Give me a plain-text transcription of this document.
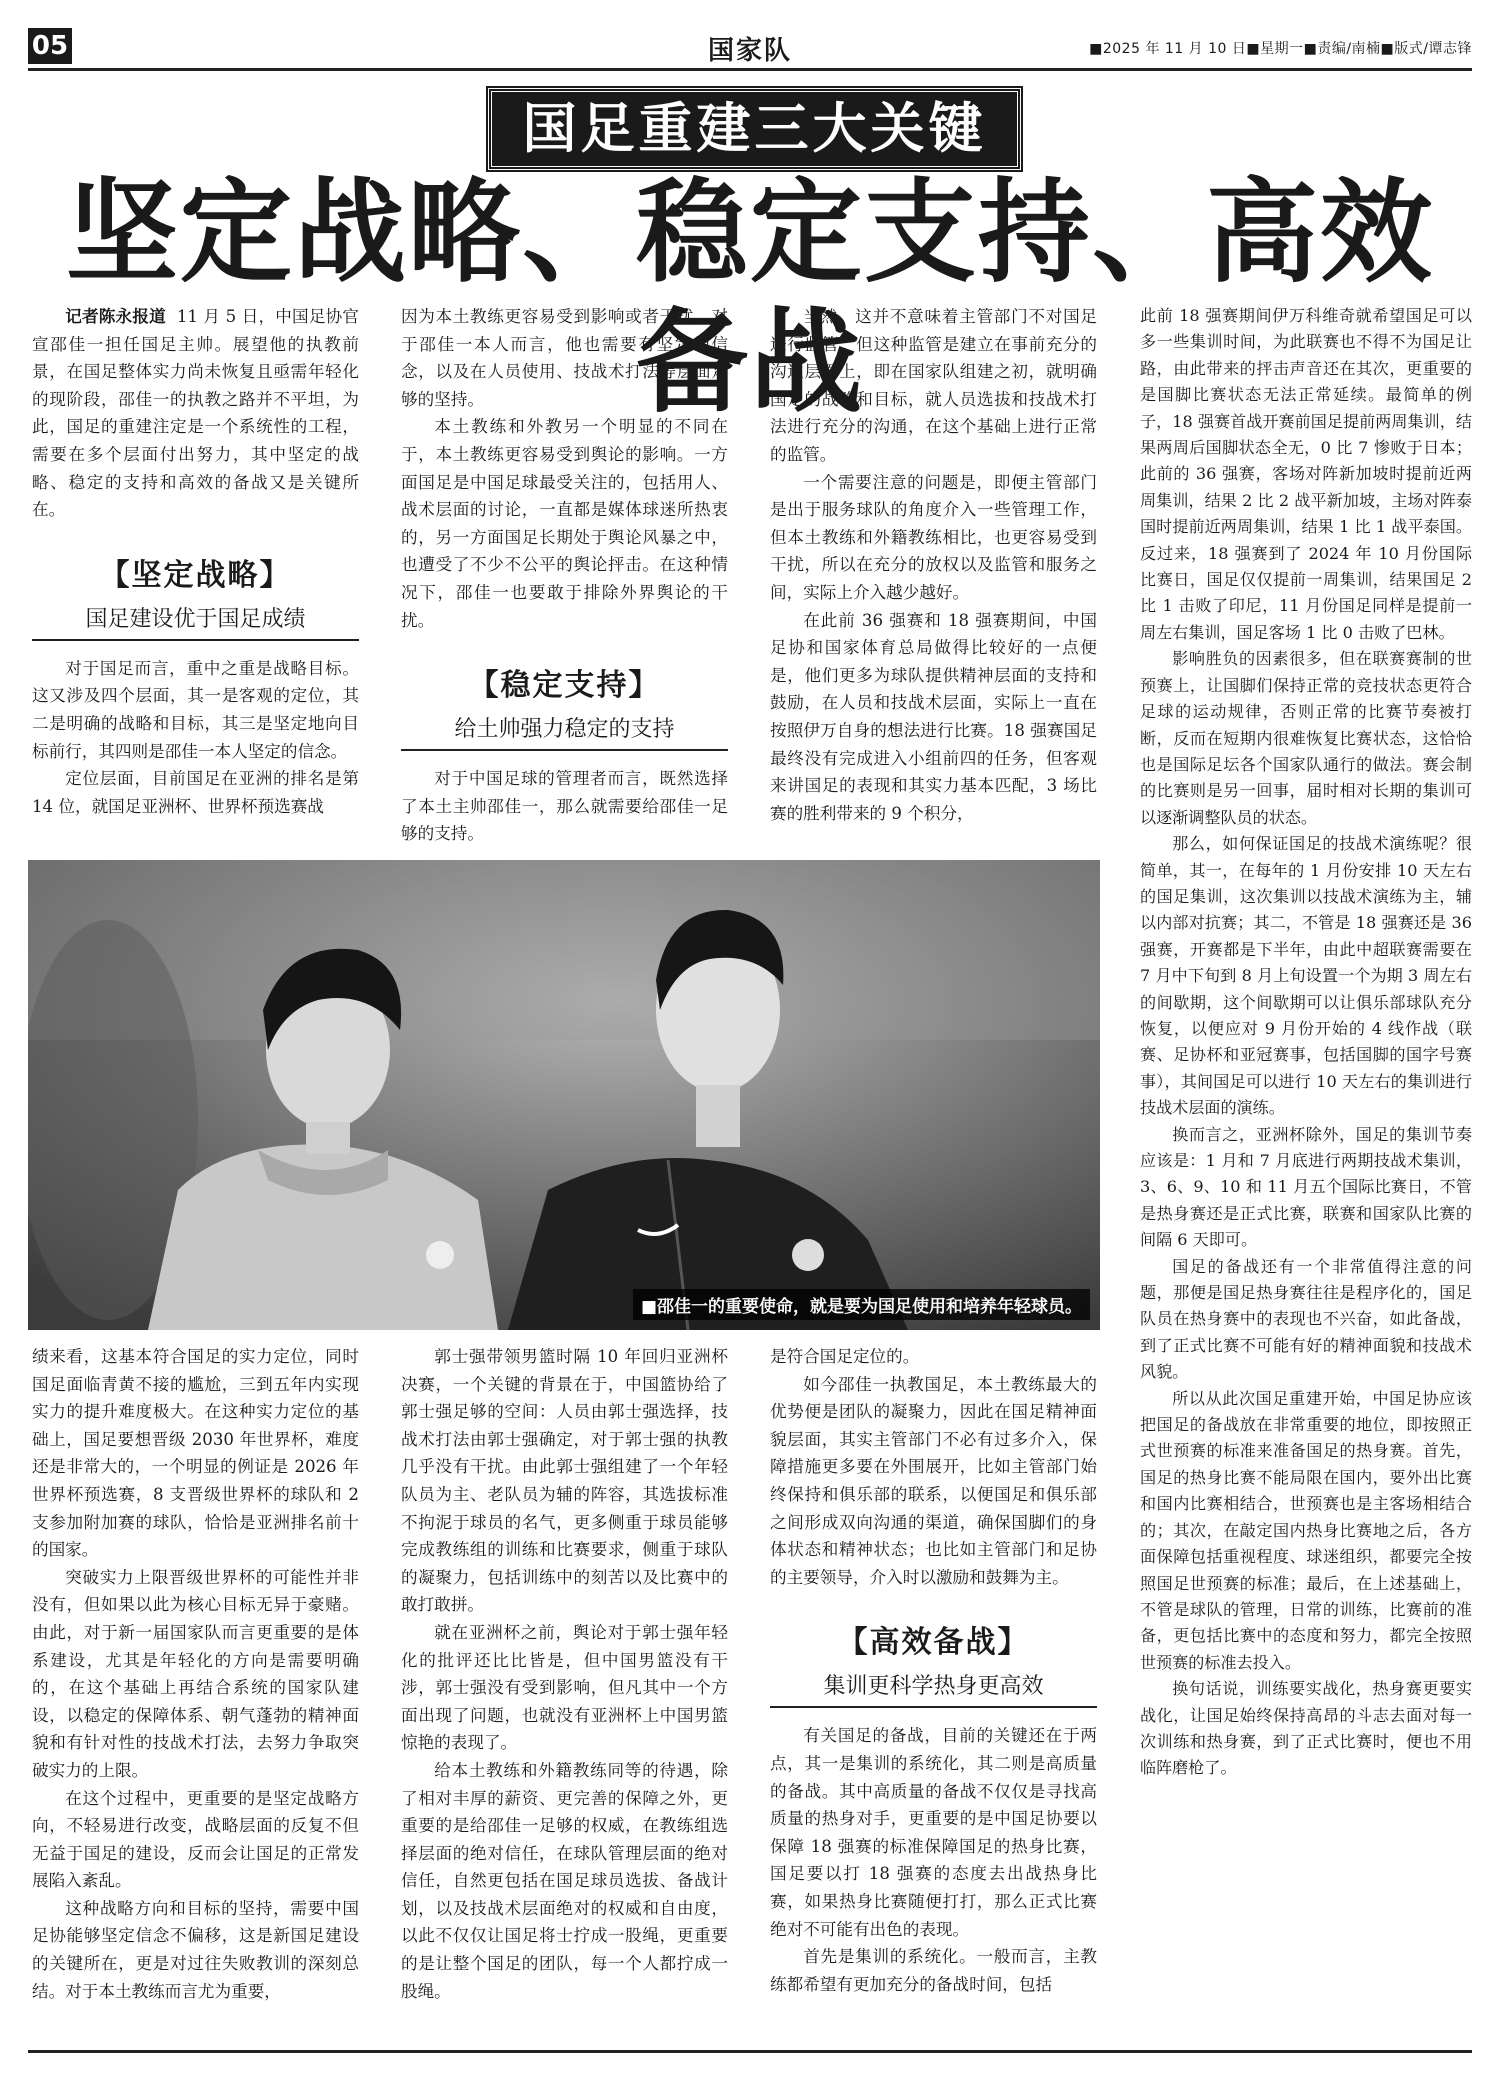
05	国家队	■2025 年 11 月 10 日■星期一■责编/南楠■版式/谭志锋
国足重建三大关键
坚定战略、稳定支持、高效备战

记者陈永报道 11 月 5 日，中国足协官宣邵佳一担任国足主帅。展望他的执教前景，在国足整体实力尚未恢复且亟需年轻化的现阶段，邵佳一的执教之路并不平坦，为此，国足的重建注定是一个系统性的工程，需要在多个层面付出努力，其中坚定的战略、稳定的支持和高效的备战又是关键所在。

【坚定战略】
国足建设优于国足成绩

对于国足而言，重中之重是战略目标。这又涉及四个层面，其一是客观的定位，其二是明确的战略和目标，其三是坚定地向目标前行，其四则是邵佳一本人坚定的信念。

定位层面，目前国足在亚洲的排名是第 14 位，就国足亚洲杯、世界杯预选赛战

因为本土教练更容易受到影响或者干扰。对于邵佳一本人而言，他也需要有坚定的信念，以及在人员使用、技战术打法等层面足够的坚持。

本土教练和外教另一个明显的不同在于，本土教练更容易受到舆论的影响。一方面国足是中国足球最受关注的，包括用人、战术层面的讨论，一直都是媒体球迷所热衷的，另一方面国足长期处于舆论风暴之中，也遭受了不少不公平的舆论抨击。在这种情况下，邵佳一也要敢于排除外界舆论的干扰。

【稳定支持】
给土帅强力稳定的支持

对于中国足球的管理者而言，既然选择了本土主帅邵佳一，那么就需要给邵佳一足够的支持。

当然，这并不意味着主管部门不对国足进行监管，但这种监管是建立在事前充分的沟通层面上，即在国家队组建之初，就明确国足的战略和目标，就人员选拔和技战术打法进行充分的沟通，在这个基础上进行正常的监管。

一个需要注意的问题是，即便主管部门是出于服务球队的角度介入一些管理工作，但本土教练和外籍教练相比，也更容易受到干扰，所以在充分的放权以及监管和服务之间，实际上介入越少越好。

在此前 36 强赛和 18 强赛期间，中国足协和国家体育总局做得比较好的一点便是，他们更多为球队提供精神层面的支持和鼓励，在人员和技战术层面，实际上一直在按照伊万自身的想法进行比赛。18 强赛国足最终没有完成进入小组前四的任务，但客观来讲国足的表现和其实力基本匹配，3 场比赛的胜利带来的 9 个积分，

此前 18 强赛期间伊万科维奇就希望国足可以多一些集训时间，为此联赛也不得不为国足让路，由此带来的抨击声音还在其次，更重要的是国脚比赛状态无法正常延续。最简单的例子，18 强赛首战开赛前国足提前两周集训，结果两周后国脚状态全无，0 比 7 惨败于日本；此前的 36 强赛，客场对阵新加坡时提前近两周集训，结果 2 比 2 战平新加坡，主场对阵泰国时提前近两周集训，结果 1 比 1 战平泰国。反过来，18 强赛到了 2024 年 10 月份国际比赛日，国足仅仅提前一周集训，结果国足 2 比 1 击败了印尼，11 月份国足同样是提前一周左右集训，国足客场 1 比 0 击败了巴林。

影响胜负的因素很多，但在联赛赛制的世预赛上，让国脚们保持正常的竞技状态更符合足球的运动规律，否则正常的比赛节奏被打断，反而在短期内很难恢复比赛状态，这恰恰也是国际足坛各个国家队通行的做法。赛会制的比赛则是另一回事，届时相对长期的集训可以逐渐调整队员的状态。

那么，如何保证国足的技战术演练呢？很简单，其一，在每年的 1 月份安排 10 天左右的国足集训，这次集训以技战术演练为主，辅以内部对抗赛；其二，不管是 18 强赛还是 36 强赛，开赛都是下半年，由此中超联赛需要在 7 月中下旬到 8 月上旬设置一个为期 3 周左右的间歇期，这个间歇期可以让俱乐部球队充分恢复，以便应对 9 月份开始的 4 线作战（联赛、足协杯和亚冠赛事，包括国脚的国字号赛事），其间国足可以进行 10 天左右的集训进行技战术层面的演练。

换而言之，亚洲杯除外，国足的集训节奏应该是：1 月和 7 月底进行两期技战术集训，3、6、9、10 和 11 月五个国际比赛日，不管是热身赛还是正式比赛，联赛和国家队比赛的间隔 6 天即可。

国足的备战还有一个非常值得注意的问题，那便是国足热身赛往往是程序化的，国足队员在热身赛中的表现也不兴奋，如此备战，到了正式比赛不可能有好的精神面貌和技战术风貌。

所以从此次国足重建开始，中国足协应该把国足的备战放在非常重要的地位，即按照正式世预赛的标准来准备国足的热身赛。首先，国足的热身比赛不能局限在国内，要外出比赛和国内比赛相结合，世预赛也是主客场相结合的；其次，在敲定国内热身比赛地之后，各方面保障包括重视程度、球迷组织，都要完全按照国足世预赛的标准；最后，在上述基础上，不管是球队的管理，日常的训练，比赛前的准备，更包括比赛中的态度和努力，都完全按照世预赛的标准去投入。

换句话说，训练要实战化，热身赛更要实战化，让国足始终保持高昂的斗志去面对每一次训练和热身赛，到了正式比赛时，便也不用临阵磨枪了。

■邵佳一的重要使命，就是要为国足使用和培养年轻球员。

绩来看，这基本符合国足的实力定位，同时国足面临青黄不接的尴尬，三到五年内实现实力的提升难度极大。在这种实力定位的基础上，国足要想晋级 2030 年世界杯，难度还是非常大的，一个明显的例证是 2026 年世界杯预选赛，8 支晋级世界杯的球队和 2 支参加附加赛的球队，恰恰是亚洲排名前十的国家。

突破实力上限晋级世界杯的可能性并非没有，但如果以此为核心目标无异于豪赌。由此，对于新一届国家队而言更重要的是体系建设，尤其是年轻化的方向是需要明确的，在这个基础上再结合系统的国家队建设，以稳定的保障体系、朝气蓬勃的精神面貌和有针对性的技战术打法，去努力争取突破实力的上限。

在这个过程中，更重要的是坚定战略方向，不轻易进行改变，战略层面的反复不但无益于国足的建设，反而会让国足的正常发展陷入紊乱。

这种战略方向和目标的坚持，需要中国足协能够坚定信念不偏移，这是新国足建设的关键所在，更是对过往失败教训的深刻总结。对于本土教练而言尤为重要，

郭士强带领男篮时隔 10 年回归亚洲杯决赛，一个关键的背景在于，中国篮协给了郭士强足够的空间：人员由郭士强选择，技战术打法由郭士强确定，对于郭士强的执教几乎没有干扰。由此郭士强组建了一个年轻队员为主、老队员为辅的阵容，其选拔标准不拘泥于球员的名气，更多侧重于球员能够完成教练组的训练和比赛要求，侧重于球队的凝聚力，包括训练中的刻苦以及比赛中的敢打敢拼。

就在亚洲杯之前，舆论对于郭士强年轻化的批评还比比皆是，但中国男篮没有干涉，郭士强没有受到影响，但凡其中一个方面出现了问题，也就没有亚洲杯上中国男篮惊艳的表现了。

给本土教练和外籍教练同等的待遇，除了相对丰厚的薪资、更完善的保障之外，更重要的是给邵佳一足够的权威，在教练组选择层面的绝对信任，在球队管理层面的绝对信任，自然更包括在国足球员选拔、备战计划，以及技战术层面绝对的权威和自由度，以此不仅仅让国足将士拧成一股绳，更重要的是让整个国足的团队，每一个人都拧成一股绳。

是符合国足定位的。

如今邵佳一执教国足，本土教练最大的优势便是团队的凝聚力，因此在国足精神面貌层面，其实主管部门不必有过多介入，保障措施更多要在外围展开，比如主管部门始终保持和俱乐部的联系，以便国足和俱乐部之间形成双向沟通的渠道，确保国脚们的身体状态和精神状态；也比如主管部门和足协的主要领导，介入时以激励和鼓舞为主。

【高效备战】
集训更科学热身更高效

有关国足的备战，目前的关键还在于两点，其一是集训的系统化，其二则是高质量的备战。其中高质量的备战不仅仅是寻找高质量的热身对手，更重要的是中国足协要以保障 18 强赛的标准保障国足的热身比赛，国足要以打 18 强赛的态度去出战热身比赛，如果热身比赛随便打打，那么正式比赛绝对不可能有出色的表现。

首先是集训的系统化。一般而言，主教练都希望有更加充分的备战时间，包括
